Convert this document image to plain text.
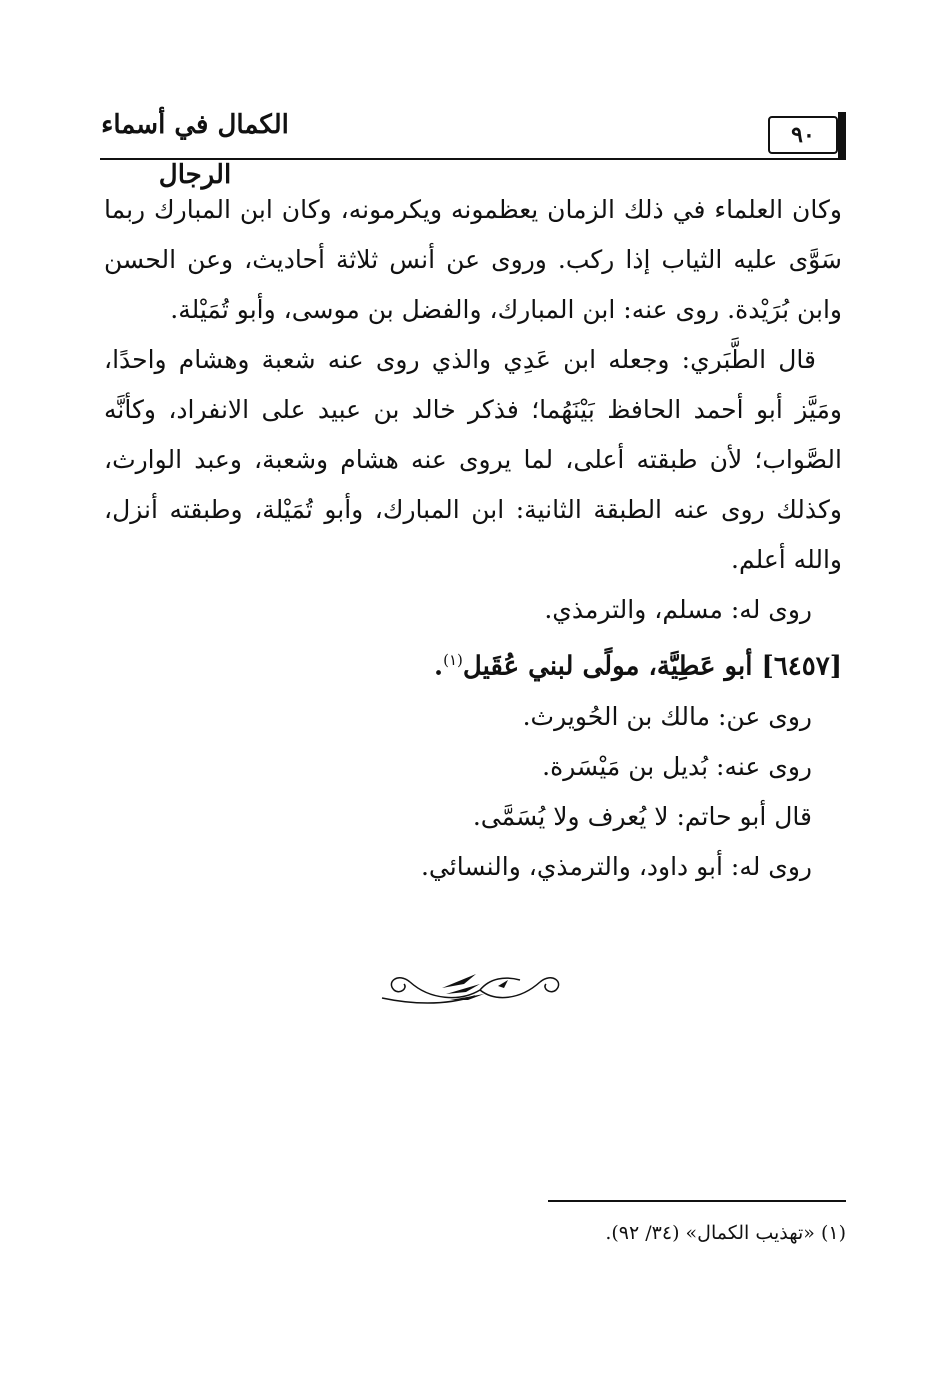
الكمال في أسماء الرجال
٩٠

وكان العلماء في ذلك الزمان يعظمونه ويكرمونه، وكان ابن المبارك ربما سَوَّى عليه الثياب إذا ركب. وروى عن أنس ثلاثة أحاديث، وعن الحسن وابن بُرَيْدة. روى عنه: ابن المبارك، والفضل بن موسى، وأبو تُمَيْلة.

قال الطَّبَري: وجعله ابن عَدِي والذي روى عنه شعبة وهشام واحدًا، ومَيَّز أبو أحمد الحافظ بَيْنَهُما؛ فذكر خالد بن عبيد على الانفراد، وكأنَّه الصَّواب؛ لأن طبقته أعلى، لما يروى عنه هشام وشعبة، وعبد الوارث، وكذلك روى عنه الطبقة الثانية: ابن المبارك، وأبو تُمَيْلة، وطبقته أنزل، والله أعلم.

روى له: مسلم، والترمذي.

[٦٤٥٧] أبو عَطِيَّة، مولًى لبني عُقَيل$^{(١)}$.

روى عن: مالك بن الحُويرث.

روى عنه: بُديل بن مَيْسَرة.

قال أبو حاتم: لا يُعرف ولا يُسَمَّى.

روى له: أبو داود، والترمذي، والنسائي.

(١) «تهذيب الكمال» (٣٤/ ٩٢).
